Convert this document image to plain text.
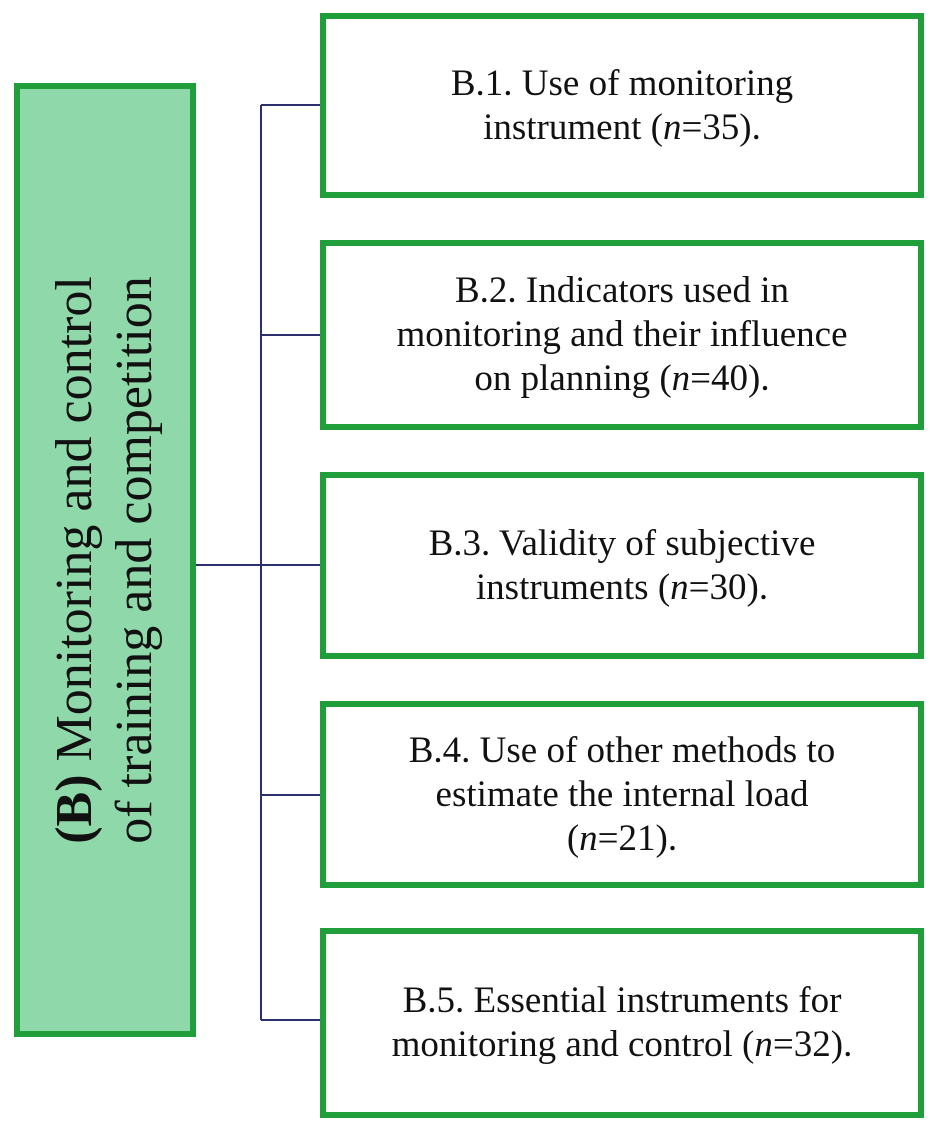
(B) Monitoring and control of training and competition
B.1. Use of monitoring
instrument (n=35).
B.2. Indicators used in
monitoring and their influence
on planning (n=40).
B.3. Validity of subjective
instruments (n=30).
B.4. Use of other methods to
estimate the internal load
(n=21).
B.5. Essential instruments for
monitoring and control (n=32).
